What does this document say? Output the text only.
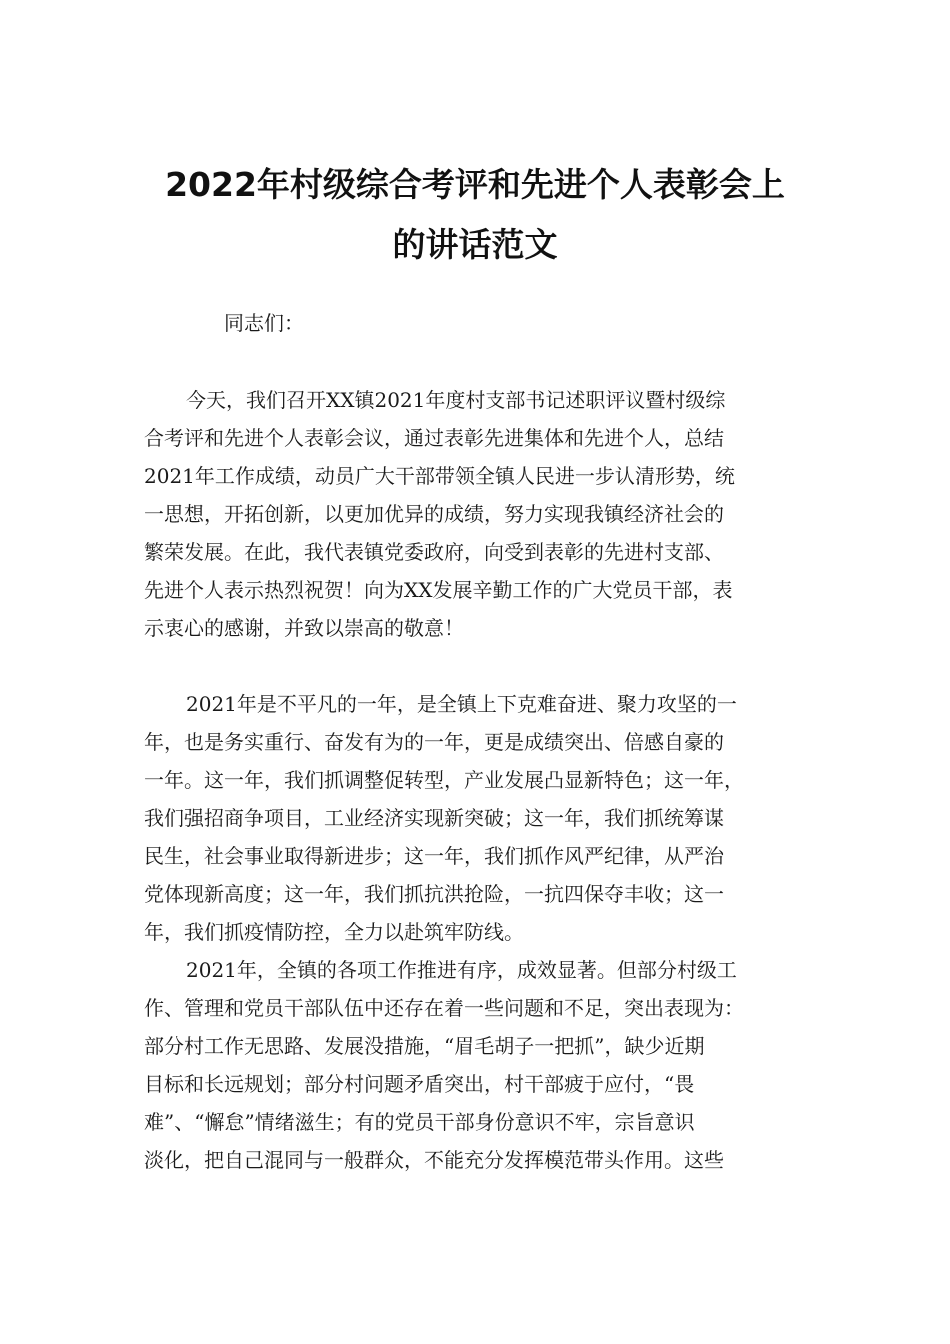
2022年村级综合考评和先进个人表彰会上
的讲话范文
同志们：
今天，我们召开XX镇2021年度村支部书记述职评议暨村级综
合考评和先进个人表彰会议，通过表彰先进集体和先进个人，总结
2021年工作成绩，动员广大干部带领全镇人民进一步认清形势，统
一思想，开拓创新，以更加优异的成绩，努力实现我镇经济社会的
繁荣发展。在此，我代表镇党委政府，向受到表彰的先进村支部、
先进个人表示热烈祝贺！向为XX发展辛勤工作的广大党员干部，表
示衷心的感谢，并致以崇高的敬意！
2021年是不平凡的一年，是全镇上下克难奋进、聚力攻坚的一
年，也是务实重行、奋发有为的一年，更是成绩突出、倍感自豪的
一年。这一年，我们抓调整促转型，产业发展凸显新特色；这一年，
我们强招商争项目，工业经济实现新突破；这一年，我们抓统筹谋
民生，社会事业取得新进步；这一年，我们抓作风严纪律，从严治
党体现新高度；这一年，我们抓抗洪抢险，一抗四保夺丰收；这一
年，我们抓疫情防控，全力以赴筑牢防线。
2021年，全镇的各项工作推进有序，成效显著。但部分村级工
作、管理和党员干部队伍中还存在着一些问题和不足，突出表现为：
部分村工作无思路、发展没措施，“眉毛胡子一把抓”，缺少近期
目标和长远规划；部分村问题矛盾突出，村干部疲于应付，“畏
难”、“懈怠”情绪滋生；有的党员干部身份意识不牢，宗旨意识
淡化，把自己混同与一般群众，不能充分发挥模范带头作用。这些
